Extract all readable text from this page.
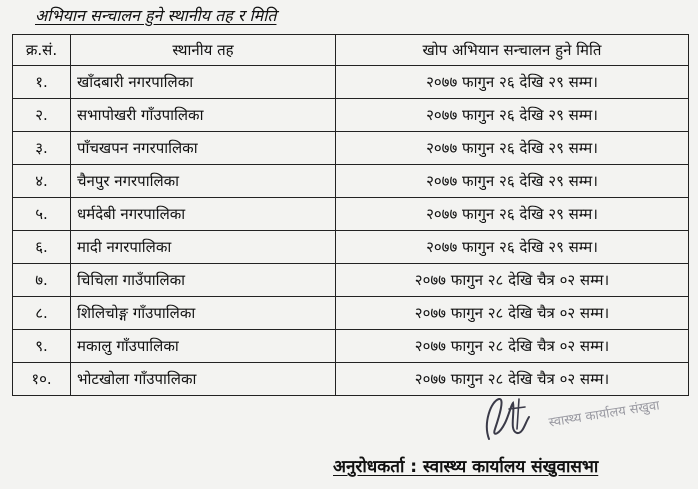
अभियान सन्चालन हुने स्थानीय तह र मिति
क्र.सं.	स्थानीय तह	खोप अभियान सन्चालन हुने मिति
१.	खाँदबारी नगरपालिका	२०७७ फागुन २६ देखि २९ सम्म।
२.	सभापोखरी गाँउपालिका	२०७७ फागुन २६ देखि २९ सम्म।
३.	पाँचखपन नगरपालिका	२०७७ फागुन २६ देखि २९ सम्म।
४.	चैनपुर नगरपालिका	२०७७ फागुन २६ देखि २९ सम्म।
५.	धर्मदेबी नगरपालिका	२०७७ फागुन २६ देखि २९ सम्म।
६.	मादी नगरपालिका	२०७७ फागुन २६ देखि २९ सम्म।
७.	चिचिला गाउँपालिका	२०७७ फागुन २८ देखि चैत्र ०२ सम्म।
८.	शिलिचोङ्ग गाँउपालिका	२०७७ फागुन २८ देखि चैत्र ०२ सम्म।
९.	मकालु गाँउपालिका	२०७७ फागुन २८ देखि चैत्र ०२ सम्म।
१०.	भोटखोला गाँउपालिका	२०७७ फागुन २८ देखि चैत्र ०२ सम्म।
स्वास्थ्य कार्यालय संखुवा
अनुरोधकर्ता : स्वास्थ्य कार्यालय संखुवासभा
